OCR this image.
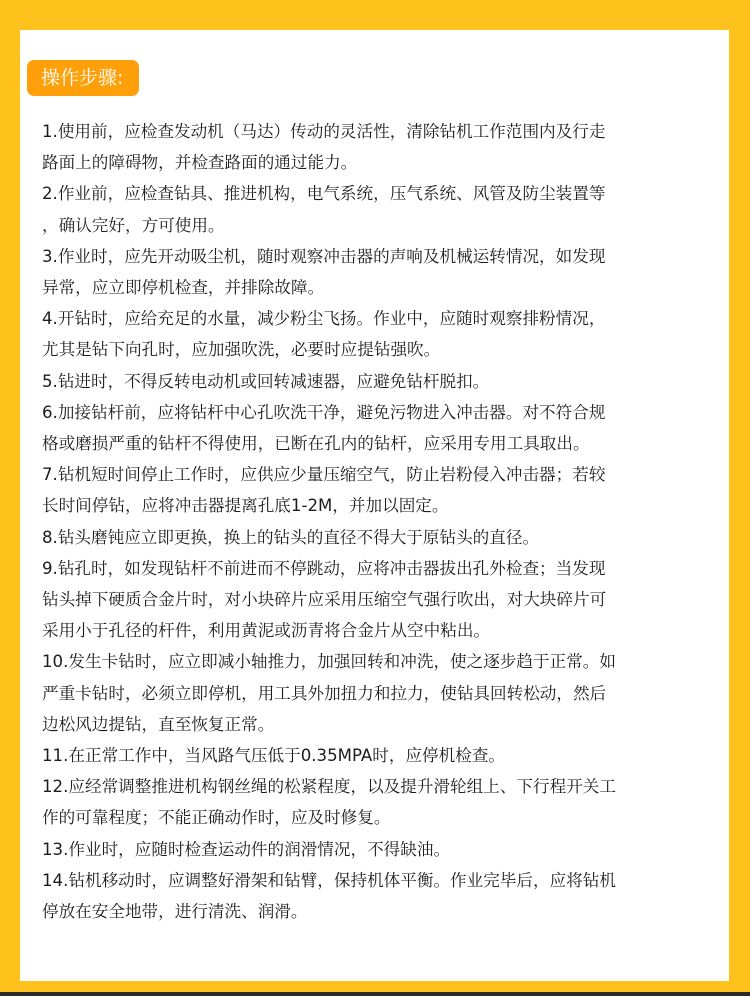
操作步骤:
1.使用前，应检查发动机（马达）传动的灵活性，清除钻机工作范围内及行走
路面上的障碍物，并检查路面的通过能力。
2.作业前，应检查钻具、推进机构，电气系统，压气系统、风管及防尘装置等
，确认完好，方可使用。
3.作业时，应先开动吸尘机，随时观察冲击器的声响及机械运转情况，如发现
异常，应立即停机检查，并排除故障。
4.开钻时，应给充足的水量，减少粉尘飞扬。作业中，应随时观察排粉情况，
尤其是钻下向孔时，应加强吹洗，必要时应提钻强吹。
5.钻进时，不得反转电动机或回转减速器，应避免钻杆脱扣。
6.加接钻杆前，应将钻杆中心孔吹洗干净，避免污物进入冲击器。对不符合规
格或磨损严重的钻杆不得使用，已断在孔内的钻杆，应采用专用工具取出。
7.钻机短时间停止工作时，应供应少量压缩空气，防止岩粉侵入冲击器；若较
长时间停钻，应将冲击器提离孔底1-2M，并加以固定。
8.钻头磨钝应立即更换，换上的钻头的直径不得大于原钻头的直径。
9.钻孔时，如发现钻杆不前进而不停跳动，应将冲击器拔出孔外检查；当发现
钻头掉下硬质合金片时，对小块碎片应采用压缩空气强行吹出，对大块碎片可
采用小于孔径的杆件，利用黄泥或沥青将合金片从空中粘出。
10.发生卡钻时，应立即减小轴推力，加强回转和冲洗，使之逐步趋于正常。如
严重卡钻时，必须立即停机，用工具外加扭力和拉力，使钻具回转松动，然后
边松风边提钻，直至恢复正常。
11.在正常工作中，当风路气压低于0.35MPA时，应停机检查。
12.应经常调整推进机构钢丝绳的松紧程度，以及提升滑轮组上、下行程开关工
作的可靠程度；不能正确动作时，应及时修复。
13.作业时，应随时检查运动件的润滑情况，不得缺油。
14.钻机移动时，应调整好滑架和钻臂，保持机体平衡。作业完毕后，应将钻机
停放在安全地带，进行清洗、润滑。
